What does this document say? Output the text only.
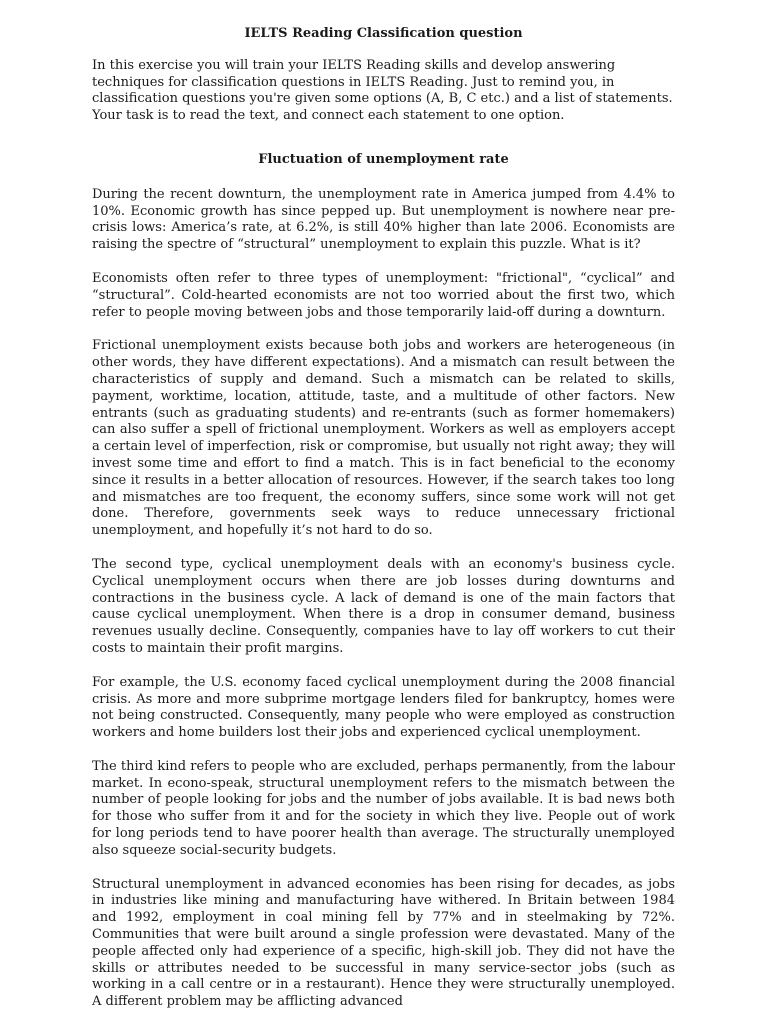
IELTS Reading Classification question

In this exercise you will train your IELTS Reading skills and develop answering techniques for classification questions in IELTS Reading. Just to remind you, in classification questions you're given some options (A, B, C etc.) and a list of statements. Your task is to read the text, and connect each statement to one option.

Fluctuation of unemployment rate

During the recent downturn, the unemployment rate in America jumped from 4.4% to 10%. Economic growth has since pepped up. But unemployment is nowhere near pre-crisis lows: America’s rate, at 6.2%, is still 40% higher than late 2006. Economists are raising the spectre of “structural” unemployment to explain this puzzle. What is it?

Economists often refer to three types of unemployment: "frictional", “cyclical” and “structural”. Cold-hearted economists are not too worried about the first two, which refer to people moving between jobs and those temporarily laid-off during a downturn.

Frictional unemployment exists because both jobs and workers are heterogeneous (in other words, they have different expectations). And a mismatch can result between the characteristics of supply and demand. Such a mismatch can be related to skills, payment, worktime, location, attitude, taste, and a multitude of other factors. New entrants (such as graduating students) and re-entrants (such as former homemakers) can also suffer a spell of frictional unemployment. Workers as well as employers accept a certain level of imperfection, risk or compromise, but usually not right away; they will invest some time and effort to find a match. This is in fact beneficial to the economy since it results in a better allocation of resources. However, if the search takes too long and mismatches are too frequent, the economy suffers, since some work will not get done. Therefore, governments seek ways to reduce unnecessary frictional unemployment, and hopefully it’s not hard to do so.

The second type, cyclical unemployment deals with an economy's business cycle. Cyclical unemployment occurs when there are job losses during downturns and contractions in the business cycle. A lack of demand is one of the main factors that cause cyclical unemployment. When there is a drop in consumer demand, business revenues usually decline. Consequently, companies have to lay off workers to cut their costs to maintain their profit margins.

For example, the U.S. economy faced cyclical unemployment during the 2008 financial crisis. As more and more subprime mortgage lenders filed for bankruptcy, homes were not being constructed. Consequently, many people who were employed as construction workers and home builders lost their jobs and experienced cyclical unemployment.

The third kind refers to people who are excluded, perhaps permanently, from the labour market. In econo-speak, structural unemployment refers to the mismatch between the number of people looking for jobs and the number of jobs available. It is bad news both for those who suffer from it and for the society in which they live. People out of work for long periods tend to have poorer health than average. The structurally unemployed also squeeze social-security budgets.

Structural unemployment in advanced economies has been rising for decades, as jobs in industries like mining and manufacturing have withered. In Britain between 1984 and 1992, employment in coal mining fell by 77% and in steelmaking by 72%. Communities that were built around a single profession were devastated. Many of the people affected only had experience of a specific, high-skill job. They did not have the skills or attributes needed to be successful in many service-sector jobs (such as working in a call centre or in a restaurant). Hence they were structurally unemployed. A different problem may be afflicting advanced
